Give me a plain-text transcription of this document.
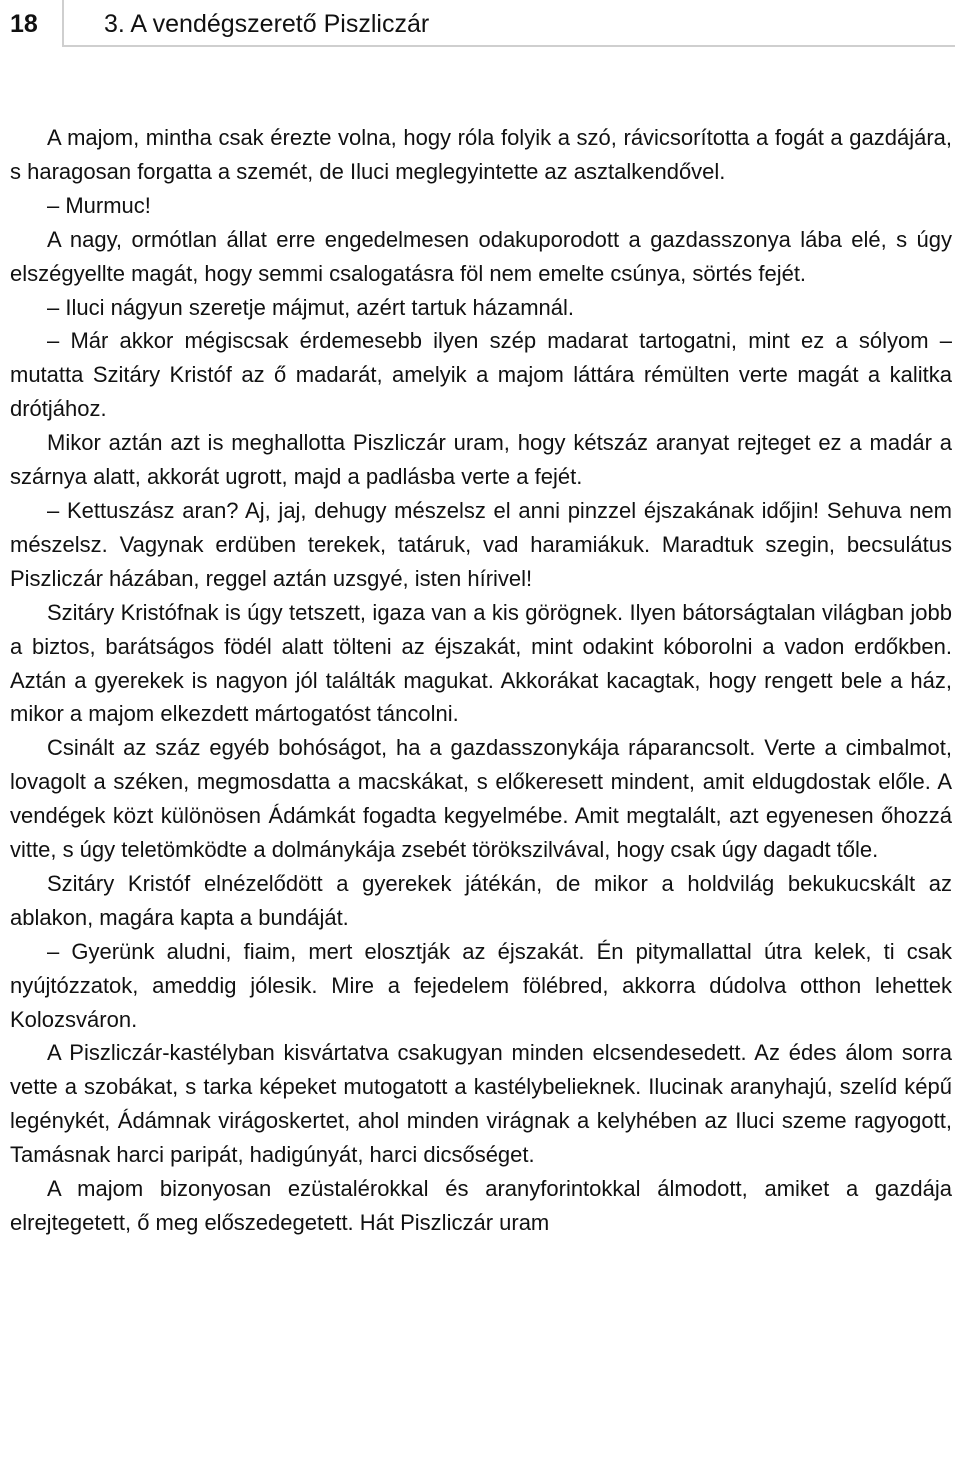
18	3. A vendégszerető Piszliczár

A majom, mintha csak érezte volna, hogy róla folyik a szó, rávicsorította a fogát a gazdájára, s haragosan forgatta a szemét, de Iluci meglegyintette az asztalkendővel.

– Murmuc!

A nagy, ormótlan állat erre engedelmesen odakuporodott a gazdasszonya lába elé, s úgy elszégyellte magát, hogy semmi csalogatásra föl nem emelte csúnya, sörtés fejét.

– Iluci nágyun szeretje májmut, azért tartuk házamnál.

– Már akkor mégiscsak érdemesebb ilyen szép madarat tartogatni, mint ez a sólyom – mutatta Szitáry Kristóf az ő madarát, amelyik a majom láttára rémülten verte magát a kalitka drótjához.

Mikor aztán azt is meghallotta Piszliczár uram, hogy kétszáz aranyat rejteget ez a madár a szárnya alatt, akkorát ugrott, majd a padlásba verte a fejét.

– Kettuszász aran? Aj, jaj, dehugy mészelsz el anni pinzzel éjszakának időjin! Sehuva nem mészelsz. Vagynak erdüben terekek, tatáruk, vad haramiákuk. Maradtuk szegin, becsulátus Piszliczár házában, reggel aztán uzsgyé, isten hírivel!

Szitáry Kristófnak is úgy tetszett, igaza van a kis görögnek. Ilyen bátorságtalan világban jobb a biztos, barátságos födél alatt tölteni az éjszakát, mint odakint kóborolni a vadon erdőkben. Aztán a gyerekek is nagyon jól találták magukat. Akkorákat kacagtak, hogy rengett bele a ház, mikor a majom elkezdett mártogatóst táncolni.

Csinált az száz egyéb bohóságot, ha a gazdasszonykája ráparancsolt. Verte a cimbalmot, lovagolt a széken, megmosdatta a macskákat, s előkeresett mindent, amit eldugdostak előle. A vendégek közt különösen Ádámkát fogadta kegyelmébe. Amit megtalált, azt egyenesen őhozzá vitte, s úgy teletömködte a dolmánykája zsebét törökszilvával, hogy csak úgy dagadt tőle.

Szitáry Kristóf elnézelődött a gyerekek játékán, de mikor a holdvilág bekukucskált az ablakon, magára kapta a bundáját.

– Gyerünk aludni, fiaim, mert elosztják az éjszakát. Én pitymallattal útra kelek, ti csak nyújtózzatok, ameddig jólesik. Mire a fejedelem fölébred, akkorra dúdolva otthon lehettek Kolozsváron.

A Piszliczár-kastélyban kisvártatva csakugyan minden elcsendesedett. Az édes álom sorra vette a szobákat, s tarka képeket mutogatott a kastélybelieknek. Ilucinak aranyhajú, szelíd képű legénykét, Ádámnak virágoskertet, ahol minden virágnak a kelyhében az Iluci szeme ragyogott, Tamásnak harci paripát, hadigúnyát, harci dicsőséget.

A majom bizonyosan ezüstalérokkal és aranyforintokkal álmodott, amiket a gazdája elrejtegetett, ő meg előszedegetett. Hát Piszliczár uram
